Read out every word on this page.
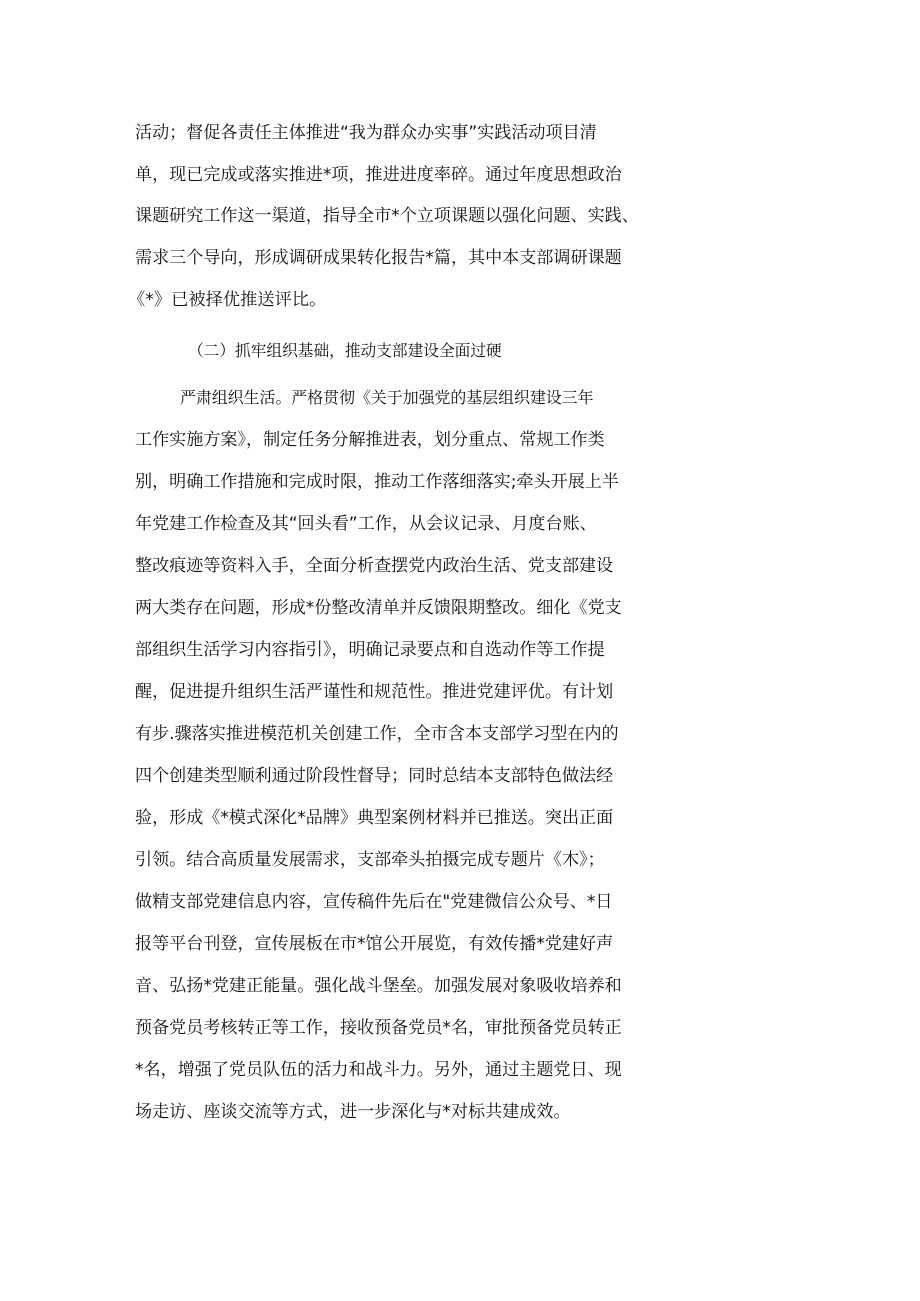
活动；督促各责任主体推进“我为群众办实事”实践活动项目清
单，现已完成或落实推进*项，推进进度率碎。通过年度思想政治
课题研究工作这一渠道，指导全市*个立项课题以强化问题、实践、
需求三个导向，形成调研成果转化报告*篇，其中本支部调研课题
《*》已被择优推送评比。
（二）抓牢组织基础，推动支部建设全面过硬
严肃组织生活。严格贯彻《关于加强党的基层组织建设三年
工作实施方案》，制定任务分解推进表，划分重点、常规工作类
别，明确工作措施和完成时限，推动工作落细落实;牵头开展上半
年党建工作检查及其“回头看”工作，从会议记录、月度台账、
整改痕迹等资料入手，全面分析查摆党内政治生活、党支部建设
两大类存在问题，形成*份整改清单并反馈限期整改。细化《党支
部组织生活学习内容指引》，明确记录要点和自选动作等工作提
醒，促进提升组织生活严谨性和规范性。推进党建评优。有计划
有步.骤落实推进模范机关创建工作，全市含本支部学习型在内的
四个创建类型顺利通过阶段性督导；同时总结本支部特色做法经
验，形成《*模式深化*品牌》典型案例材料并已推送。突出正面
引领。结合高质量发展需求，支部牵头拍摄完成专题片《木》；
做精支部党建信息内容，宣传稿件先后在"党建微信公众号、*日
报等平台刊登，宣传展板在市*馆公开展览，有效传播*党建好声
音、弘扬*党建正能量。强化战斗堡垒。加强发展对象吸收培养和
预备党员考核转正等工作，接收预备党员*名，审批预备党员转正
*名，增强了党员队伍的活力和战斗力。另外，通过主题党日、现
场走访、座谈交流等方式，进一步深化与*对标共建成效。
